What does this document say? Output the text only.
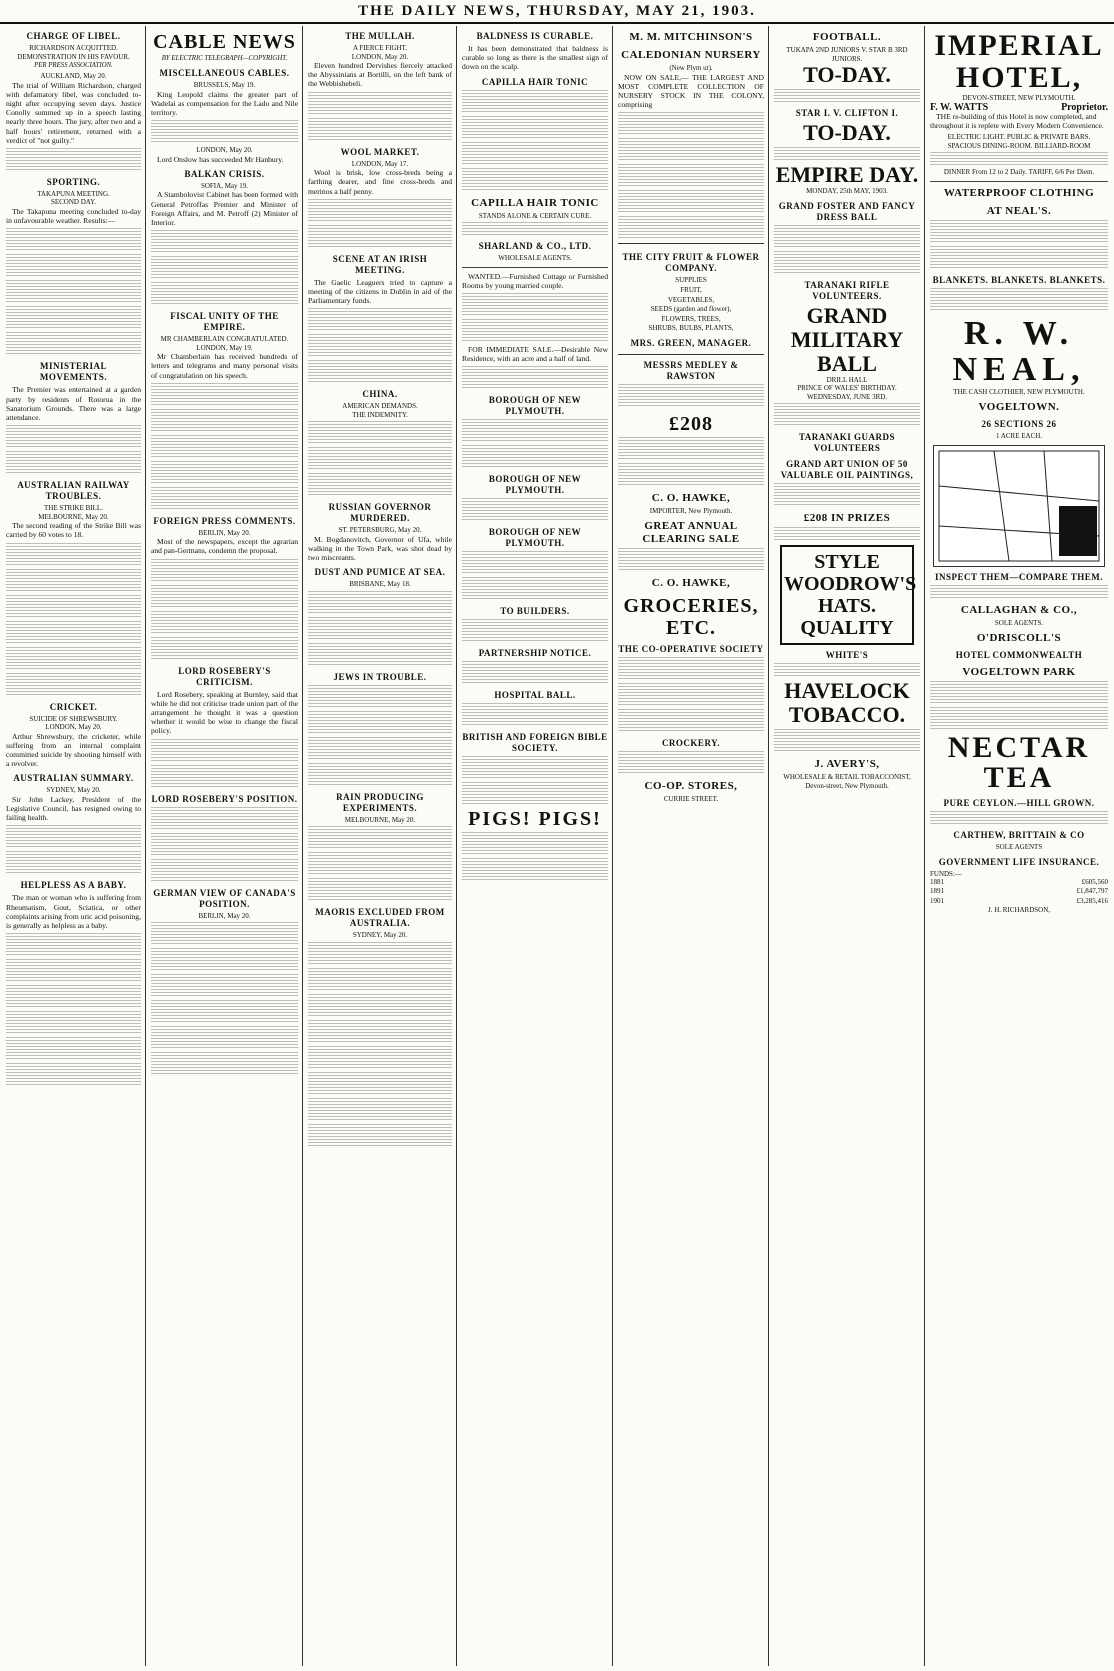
THE DAILY NEWS, THURSDAY, MAY 21, 1903.
CHARGE OF LIBEL.
RICHARDSON ACQUITTED.
DEMONSTRATION IN HIS FAVOUR.
PER PRESS ASSOCIATION.
AUCKLAND, May 20.

The trial of William Richardson, charged with defamatory libel, was concluded to-night after occupying seven days. Justice Conolly summed up in a speech lasting nearly three hours. The jury, after two and a half hours' retirement, returned with a verdict of "not guilty."

SPORTING.
TAKAPUNA MEETING.
SECOND DAY.

The Takapuna meeting concluded to-day in unfavourable weather. Results:—

MINISTERIAL MOVEMENTS.

The Premier was entertained at a garden party by residents of Rotorua in the Sanatorium Grounds. There was a large attendance.

AUSTRALIAN RAILWAY TROUBLES.
THE STRIKE BILL.
MELBOURNE, May 20.

The second reading of the Strike Bill was carried by 60 votes to 18.

CRICKET.
SUICIDE OF SHREWSBURY.
LONDON, May 20.

Arthur Shrewsbury, the cricketer, while suffering from an internal complaint committed suicide by shooting himself with a revolver.

AUSTRALIAN SUMMARY.
SYDNEY, May 20.

Sir John Lackey, President of the Legislative Council, has resigned owing to failing health.

HELPLESS AS A BABY.

The man or woman who is suffering from Rheumatism, Gout, Sciatica, or other complaints arising from uric acid poisoning, is generally as helpless as a baby.

CABLE NEWS
BY ELECTRIC TELEGRAPH—COPYRIGHT.
MISCELLANEOUS CABLES.
BRUSSELS, May 19.

King Leopold claims the greater part of Wadelai as compensation for the Lado and Nile territory.

LONDON, May 20.

Lord Onslow has succeeded Mr Hanbury.

BALKAN CRISIS.
SOFIA, May 19.

A Stambolovist Cabinet has been formed with General Petroffas Premier and Minister of Foreign Affairs, and M. Petroff (2) Minister of Interior.

FISCAL UNITY OF THE EMPIRE.
MR CHAMBERLAIN CONGRATULATED.
LONDON, May 19.

Mr Chamberlain has received hundreds of letters and telegrams and many personal visits of congratulation on his speech.

FOREIGN PRESS COMMENTS.
BERLIN, May 20.

Most of the newspapers, except the agrarian and pan-Germans, condemn the proposal.

LORD ROSEBERY'S CRITICISM.

Lord Rosebery, speaking at Burnley, said that while he did not criticise trade union part of the arrangement he thought it was a question whether it would be wise to change the fiscal policy.

LORD ROSEBERY'S POSITION.
GERMAN VIEW OF CANADA'S POSITION.
BERLIN, May 20.
THE MULLAH.
A FIERCE FIGHT.
LONDON, May 20.

Eleven hundred Dervishes fiercely attacked the Abyssinians at Bortilli, on the left bank of the Webbishebeli.

WOOL MARKET.
LONDON, May 17.

Wool is brisk, low cross-breds being a farthing dearer, and fine cross-breds and merinos a half penny.

SCENE AT AN IRISH MEETING.

The Gaelic Leaguers tried to capture a meeting of the citizens in Dublin in aid of the Parliamentary funds.

CHINA.
AMERICAN DEMANDS.
THE INDEMNITY.
RUSSIAN GOVERNOR MURDERED.
ST. PETERSBURG, May 20.

M. Bogdanovitch, Governor of Ufa, while walking in the Town Park, was shot dead by two miscreants.

DUST AND PUMICE AT SEA.
BRISBANE, May 18.
JEWS IN TROUBLE.
RAIN PRODUCING EXPERIMENTS.
MELBOURNE, May 20.
MAORIS EXCLUDED FROM AUSTRALIA.
SYDNEY, May 20.
BALDNESS IS CURABLE.

It has been demonstrated that baldness is curable so long as there is the smallest sign of down on the scalp.

CAPILLA HAIR TONIC
CAPILLA HAIR TONIC
STANDS ALONE & CERTAIN CURE.
SHARLAND & CO., LTD.
WHOLESALE AGENTS.

WANTED.—Furnished Cottage or Furnished Rooms by young married couple.

FOR IMMEDIATE SALE.—Desirable New Residence, with an acre and a half of land.

BOROUGH OF NEW PLYMOUTH.
BOROUGH OF NEW PLYMOUTH.
BOROUGH OF NEW PLYMOUTH.
TO BUILDERS.
PARTNERSHIP NOTICE.
HOSPITAL BALL.
BRITISH AND FOREIGN BIBLE SOCIETY.
PIGS! PIGS!
M. M. MITCHINSON'S
CALEDONIAN NURSERY
(New Plym ut).

NOW ON SALE,— THE LARGEST AND MOST COMPLETE COLLECTION OF NURSERY STOCK IN THE COLONY, comprising

THE CITY FRUIT & FLOWER COMPANY.

SUPPLIES

FRUIT,

VEGETABLES,

SEEDS (garden and flower),

FLOWERS, TREES,

SHRUBS, BULBS, PLANTS,

MRS. GREEN, MANAGER.
MESSRS MEDLEY & RAWSTON
£208
C. O. HAWKE,
IMPORTER, New Plymouth.
GREAT ANNUAL CLEARING SALE
C. O. HAWKE,
GROCERIES, ETC.
THE CO-OPERATIVE SOCIETY
CROCKERY.
CO-OP. STORES,
CURRIE STREET.
FOOTBALL.
TUKAPA 2ND JUNIORS V. STAR B 3RD JUNIORS.
TO-DAY.
STAR I. V. CLIFTON I.
TO-DAY.
EMPIRE DAY.
MONDAY, 25th MAY, 1903.
GRAND FOSTER AND FANCY DRESS BALL
TARANAKI RIFLE VOLUNTEERS.
GRAND MILITARY BALL
DRILL HALL
PRINCE OF WALES' BIRTHDAY.
WEDNESDAY, JUNE 3RD.
TARANAKI GUARDS VOLUNTEERS
GRAND ART UNION OF 50 VALUABLE OIL PAINTINGS,
£208 IN PRIZES
STYLE
WOODROW'S HATS.
QUALITY
WHITE'S
HAVELOCK TOBACCO.
J. AVERY'S,
WHOLESALE & RETAIL TOBACCONIST, Devon-street, New Plymouth.
IMPERIAL HOTEL,
DEVON-STREET, NEW PLYMOUTH.
F. W. WATTS	Proprietor.

THE re-building of this Hotel is now completed, and throughout it is replete with Every Modern Convenience.

ELECTRIC LIGHT. PUBLIC & PRIVATE BARS.

SPACIOUS DINING-ROOM. BILLIARD-ROOM

DINNER From 12 to 2 Daily. TARIFF, 6/6 Per Diem.

WATERPROOF CLOTHING
AT NEAL'S.
BLANKETS. BLANKETS. BLANKETS.
R. W. NEAL,
THE CASH CLOTHIER, NEW PLYMOUTH.
VOGELTOWN.
26 SECTIONS 26
1 ACRE EACH.
INSPECT THEM—COMPARE THEM.
CALLAGHAN & CO.,
SOLE AGENTS.
O'DRISCOLL'S
HOTEL COMMONWEALTH
VOGELTOWN PARK
NECTAR TEA
PURE CEYLON.—HILL GROWN.
CARTHEW, BRITTAIN & CO
SOLE AGENTS
GOVERNMENT LIFE INSURANCE.
FUNDS:—
1881	£605,560
1891	£1,847,797
1901	£3,285,416
J. H. RICHARDSON,
